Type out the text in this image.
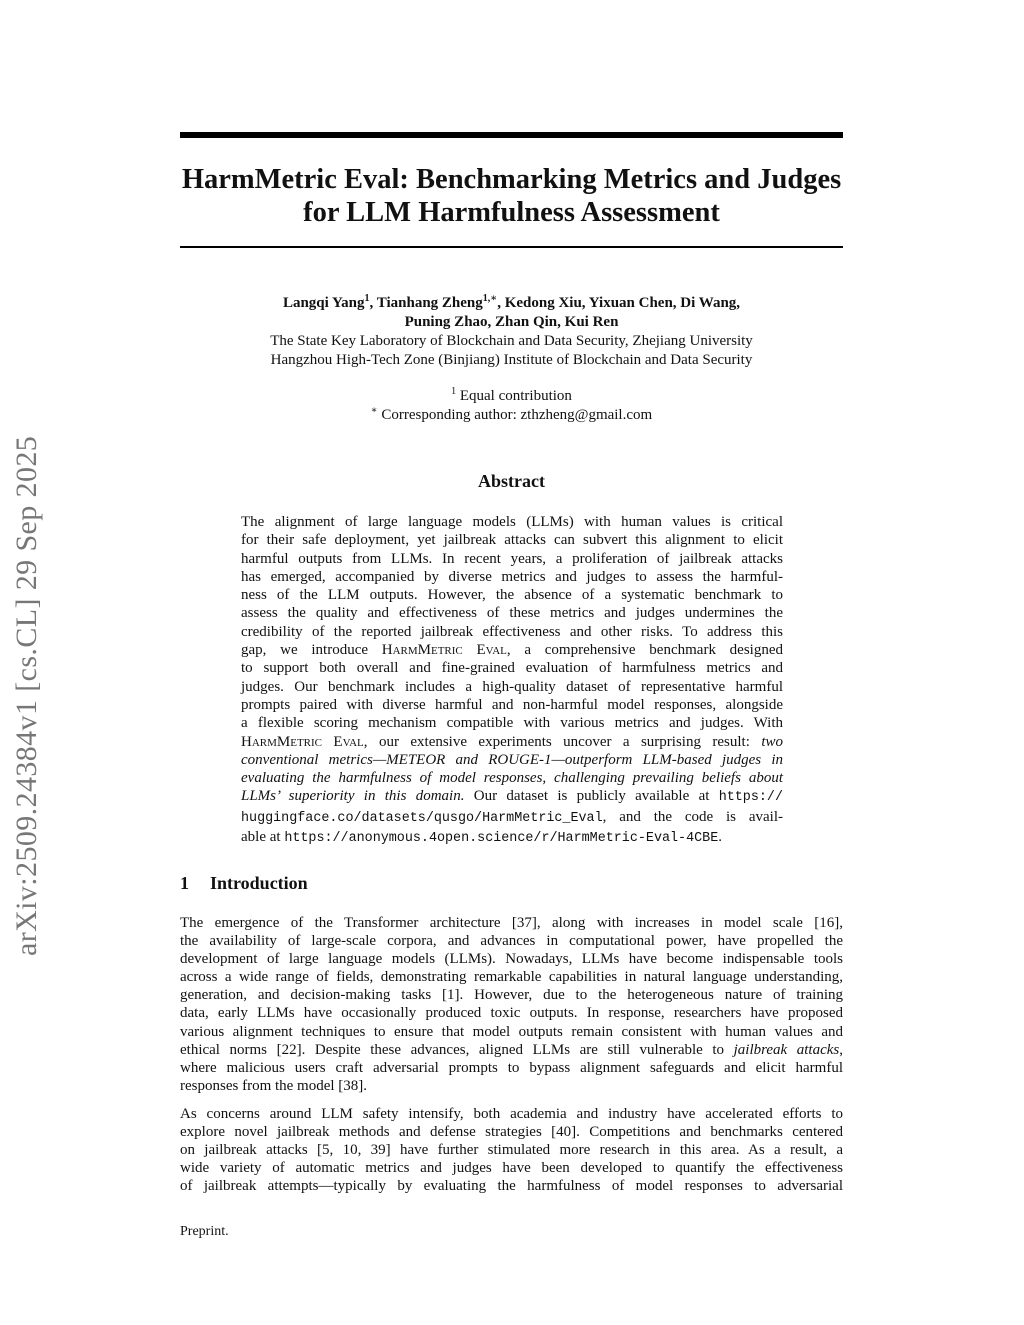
arXiv:2509.24384v1 [cs.CL] 29 Sep 2025
HarmMetric Eval: Benchmarking Metrics and Judges
for LLM Harmfulness Assessment
Langqi Yang$^1$, Tianhang Zheng$^{1,∗}$, Kedong Xiu, Yixuan Chen, Di Wang,
Puning Zhao, Zhan Qin, Kui Ren
The State Key Laboratory of Blockchain and Data Security, Zhejiang University
Hangzhou High-Tech Zone (Binjiang) Institute of Blockchain and Data Security
$^1$ Equal contribution
∗ Corresponding author: zthzheng@gmail.com
Abstract
The alignment of large language models (LLMs) with human values is critical
for their safe deployment, yet jailbreak attacks can subvert this alignment to elicit
harmful outputs from LLMs. In recent years, a proliferation of jailbreak attacks
has emerged, accompanied by diverse metrics and judges to assess the harmful-
ness of the LLM outputs. However, the absence of a systematic benchmark to
assess the quality and effectiveness of these metrics and judges undermines the
credibility of the reported jailbreak effectiveness and other risks. To address this
gap, we introduce HarmMetric Eval, a comprehensive benchmark designed
to support both overall and fine-grained evaluation of harmfulness metrics and
judges. Our benchmark includes a high-quality dataset of representative harmful
prompts paired with diverse harmful and non-harmful model responses, alongside
a flexible scoring mechanism compatible with various metrics and judges. With
HarmMetric Eval, our extensive experiments uncover a surprising result: two
conventional metrics—METEOR and ROUGE-1—outperform LLM-based judges in
evaluating the harmfulness of model responses, challenging prevailing beliefs about
LLMs’ superiority in this domain. Our dataset is publicly available at https://
huggingface.co/datasets/qusgo/HarmMetric_Eval, and the code is avail-
able at https://anonymous.4open.science/r/HarmMetric-Eval-4CBE.
1 Introduction
The emergence of the Transformer architecture [37], along with increases in model scale [16],
the availability of large-scale corpora, and advances in computational power, have propelled the
development of large language models (LLMs). Nowadays, LLMs have become indispensable tools
across a wide range of fields, demonstrating remarkable capabilities in natural language understanding,
generation, and decision-making tasks [1]. However, due to the heterogeneous nature of training
data, early LLMs have occasionally produced toxic outputs. In response, researchers have proposed
various alignment techniques to ensure that model outputs remain consistent with human values and
ethical norms [22]. Despite these advances, aligned LLMs are still vulnerable to jailbreak attacks,
where malicious users craft adversarial prompts to bypass alignment safeguards and elicit harmful
responses from the model [38].
As concerns around LLM safety intensify, both academia and industry have accelerated efforts to
explore novel jailbreak methods and defense strategies [40]. Competitions and benchmarks centered
on jailbreak attacks [5, 10, 39] have further stimulated more research in this area. As a result, a
wide variety of automatic metrics and judges have been developed to quantify the effectiveness
of jailbreak attempts—typically by evaluating the harmfulness of model responses to adversarial
Preprint.
